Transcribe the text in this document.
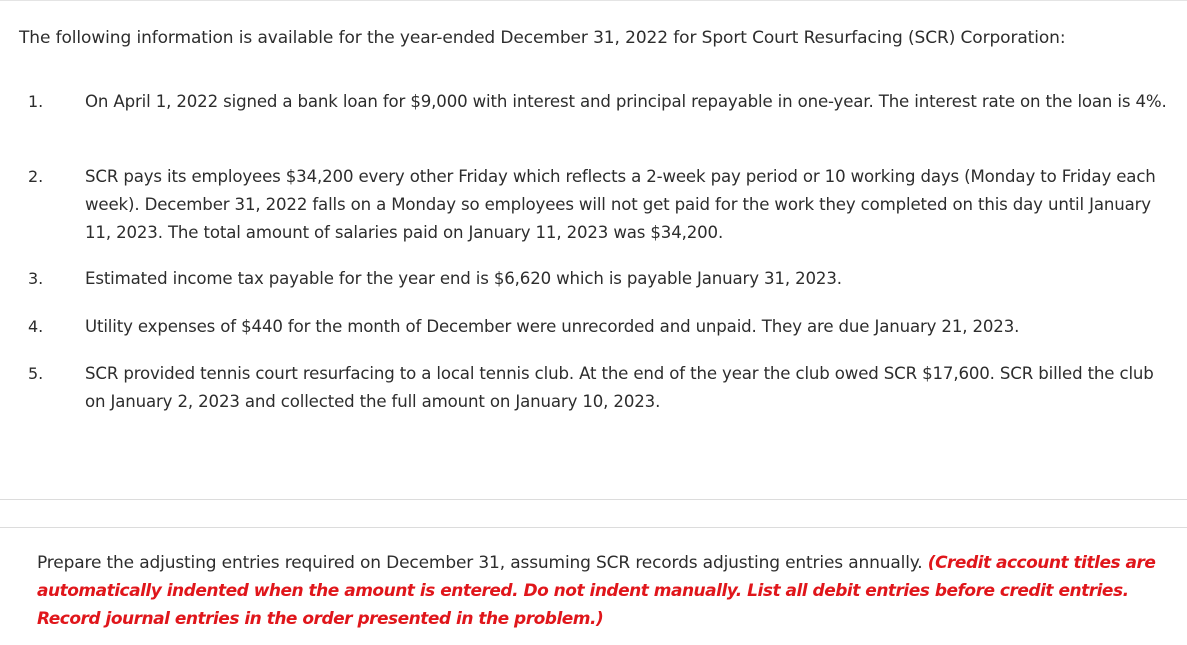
The following information is available for the year-ended December 31, 2022 for Sport Court Resurfacing (SCR) Corporation:

1.	On April 1, 2022 signed a bank loan for $9,000 with interest and principal repayable in one-year. The interest rate on the loan is 4%.

2.	SCR pays its employees $34,200 every other Friday which reflects a 2-week pay period or 10 working days (Monday to Friday each week). December 31, 2022 falls on a Monday so employees will not get paid for the work they completed on this day until January 11, 2023. The total amount of salaries paid on January 11, 2023 was $34,200.

3.	Estimated income tax payable for the year end is $6,620 which is payable January 31, 2023.

4.	Utility expenses of $440 for the month of December were unrecorded and unpaid. They are due January 21, 2023.

5.	SCR provided tennis court resurfacing to a local tennis club. At the end of the year the club owed SCR $17,600. SCR billed the club on January 2, 2023 and collected the full amount on January 10, 2023.

Prepare the adjusting entries required on December 31, assuming SCR records adjusting entries annually. (Credit account titles are automatically indented when the amount is entered. Do not indent manually. List all debit entries before credit entries. Record journal entries in the order presented in the problem.)
